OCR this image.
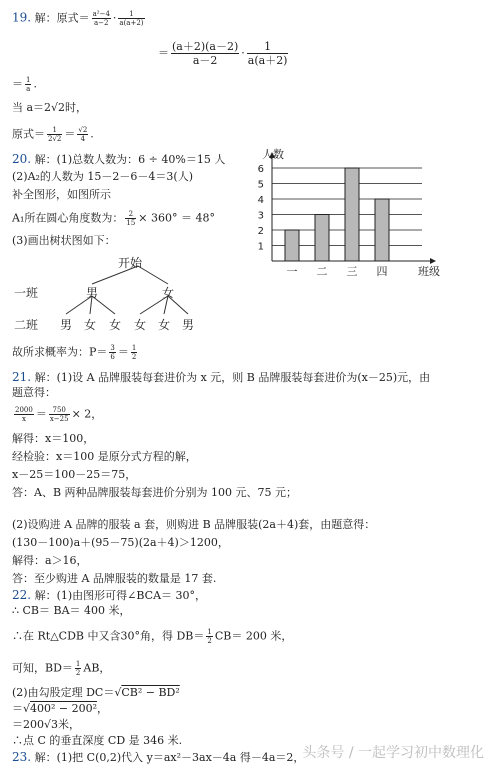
19. 解：原式＝ $\frac{\text{a²−4}}{a-2} \cdot \frac{1}{a(a+2)}$
＝ $\frac{(a+2)(a-2)}{a-2} \cdot \frac{1}{a(a+2)}$
＝ $\frac{1}{a}$ .
当 a＝2√2时，
原式＝ $\frac{1}{2√2} = \frac{√2}{4}$ .
20. 解：(1)总数人数为：6 ÷ 40%＝15 人
(2)A₂的人数为 15－2－6－4＝3(人)
补全图形，如图所示
A₁所在圆心角度数为： $\frac{2}{15} \times 360^\circ = 48^\circ$
(3)画出树状图如下：
开始
一班	男	女
二班 男 女 女 女 女 男
故所求概率为：$P= \frac{3}{6} = \frac{1}{2}$
1
2
3
4
5
6
一 二 三 四
人数
班级
21. 解：(1)设 A 品牌服装每套进价为 x 元，则 B 品牌服装每套进价为(x－25)元，由
题意得：
$\frac{2000}{x} = \frac{750}{x-25} \times 2$，
解得：x＝100，
经检验：x＝100 是原分式方程的解，
x－25＝100－25＝75，
答：A、B 两种品牌服装每套进价分别为 100 元、75 元；
(2)设购进 A 品牌的服装 a 套，则购进 B 品牌服装(2a＋4)套，由题意得：
(130－100)a＋(95－75)(2a＋4)＞1200，
解得：a＞16，
答：至少购进 A 品牌服装的数量是 17 套.
22. 解：(1)由图形可得∠BCA＝ 30°，
∴ CB＝ BA＝ 400 米，
∴在 Rt△CDB 中又含30°角，得 $DB= \frac{1}{2} CB= 200$ 米，
可知，$BD= \frac{1}{2}$ AB，
(2)由勾股定理 DC＝√CB² − BD²
＝√400² − 200²，
＝200√3米，
∴点 C 的垂直深度 CD 是 346 米.
23. 解：(1)把 C(0,2)代入 y＝ax²－3ax－4a 得－4a＝2，
头条号 / 一起学习初中数理化
